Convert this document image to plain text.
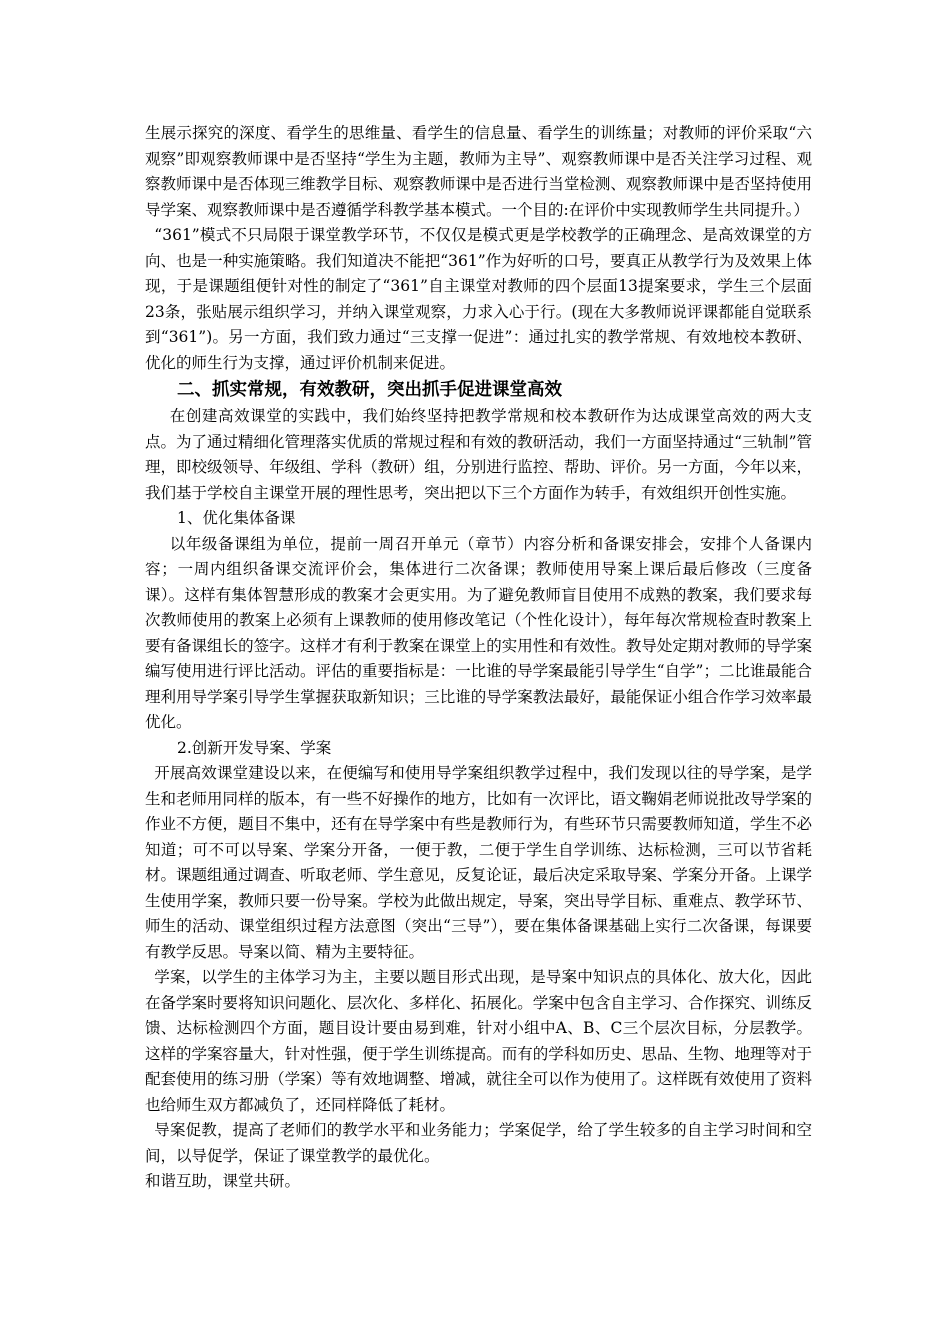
生展示探究的深度、看学生的思维量、看学生的信息量、看学生的训练量；对教师的评价采取“六观察”即观察教师课中是否坚持“学生为主题，教师为主导”、观察教师课中是否关注学习过程、观察教师课中是否体现三维教学目标、观察教师课中是否进行当堂检测、观察教师课中是否坚持使用导学案、观察教师课中是否遵循学科教学基本模式。一个目的:在评价中实现教师学生共同提升。）

“361”模式不只局限于课堂教学环节，不仅仅是模式更是学校教学的正确理念、是高效课堂的方向、也是一种实施策略。我们知道决不能把“361”作为好听的口号，要真正从教学行为及效果上体现，于是课题组便针对性的制定了“361”自主课堂对教师的四个层面13提案要求，学生三个层面23条，张贴展示组织学习，并纳入课堂观察，力求入心于行。(现在大多教师说评课都能自觉联系到“361”)。另一方面，我们致力通过“三支撑一促进”：通过扎实的教学常规、有效地校本教研、优化的师生行为支撑，通过评价机制来促进。

二、抓实常规，有效教研，突出抓手促进课堂高效

在创建高效课堂的实践中，我们始终坚持把教学常规和校本教研作为达成课堂高效的两大支点。为了通过精细化管理落实优质的常规过程和有效的教研活动，我们一方面坚持通过“三轨制”管理，即校级领导、年级组、学科（教研）组，分别进行监控、帮助、评价。另一方面，今年以来，我们基于学校自主课堂开展的理性思考，突出把以下三个方面作为转手，有效组织开创性实施。

1、优化集体备课

以年级备课组为单位，提前一周召开单元（章节）内容分析和备课安排会，安排个人备课内容；一周内组织备课交流评价会，集体进行二次备课；教师使用导案上课后最后修改（三度备课）。这样有集体智慧形成的教案才会更实用。为了避免教师盲目使用不成熟的教案，我们要求每次教师使用的教案上必须有上课教师的使用修改笔记（个性化设计），每年每次常规检查时教案上要有备课组长的签字。这样才有利于教案在课堂上的实用性和有效性。教导处定期对教师的导学案编写使用进行评比活动。评估的重要指标是：一比谁的导学案最能引导学生“自学”；二比谁最能合理利用导学案引导学生掌握获取新知识；三比谁的导学案教法最好，最能保证小组合作学习效率最优化。

2.创新开发导案、学案

开展高效课堂建设以来，在便编写和使用导学案组织教学过程中，我们发现以往的导学案，是学生和老师用同样的版本，有一些不好操作的地方，比如有一次评比，语文鞠娟老师说批改导学案的作业不方便，题目不集中，还有在导学案中有些是教师行为，有些环节只需要教师知道，学生不必知道；可不可以导案、学案分开备，一便于教，二便于学生自学训练、达标检测，三可以节省耗材。课题组通过调查、听取老师、学生意见，反复论证，最后决定采取导案、学案分开备。上课学生使用学案，教师只要一份导案。学校为此做出规定，导案，突出导学目标、重难点、教学环节、师生的活动、课堂组织过程方法意图（突出“三导”），要在集体备课基础上实行二次备课，每课要有教学反思。导案以简、精为主要特征。

学案，以学生的主体学习为主，主要以题目形式出现，是导案中知识点的具体化、放大化，因此在备学案时要将知识问题化、层次化、多样化、拓展化。学案中包含自主学习、合作探究、训练反馈、达标检测四个方面，题目设计要由易到难，针对小组中A、B、C三个层次目标，分层教学。这样的学案容量大，针对性强，便于学生训练提高。而有的学科如历史、思品、生物、地理等对于配套使用的练习册（学案）等有效地调整、增减，就往全可以作为使用了。这样既有效使用了资料也给师生双方都减负了，还同样降低了耗材。

导案促教，提高了老师们的教学水平和业务能力；学案促学，给了学生较多的自主学习时间和空间，以导促学，保证了课堂教学的最优化。

和谐互助，课堂共研。
